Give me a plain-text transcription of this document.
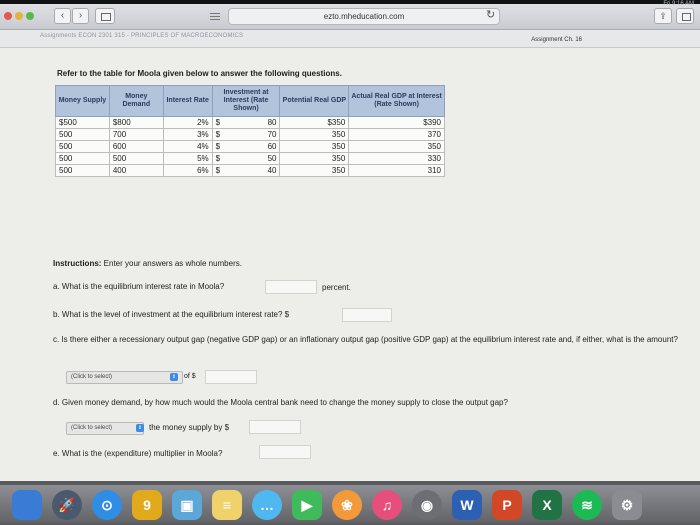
‹	›	ezto.mheducation.com	↻	⇪
Fri 9:16 AM
Assignments ECON 2301 315 - PRINCIPLES OF MACROECONOMICS
Assignment Ch. 16
Refer to the table for Moola given below to answer the following questions.
Money Supply	Money Demand	Interest Rate	Investment at Interest (Rate Shown)		Potential Real GDP	Actual Real GDP at Interest (Rate Shown)
$500	$800	2%	$	80	$350	$390
500	700	3%	$	70	350	370
500	600	4%	$	60	350	350
500	500	5%	$	50	350	330
500	400	6%	$	40	350	310
Instructions: Enter your answers as whole numbers.
a. What is the equilibrium interest rate in Moola?	percent.
b. What is the level of investment at the equilibrium interest rate? $
c. Is there either a recessionary output gap (negative GDP gap) or an inflationary output gap (positive GDP gap) at the equilibrium interest rate and, if either, what is the amount?
(Click to select)	⇕ of $
d. Given money demand, by how much would the Moola central bank need to change the money supply to close the output gap?
(Click to select)	⇕ the money supply by $
e. What is the (expenditure) multiplier in Moola?
🚀	⊙	9	▣	≡	…	▶	❀	♫	◉	W	P	X	≋	⚙
